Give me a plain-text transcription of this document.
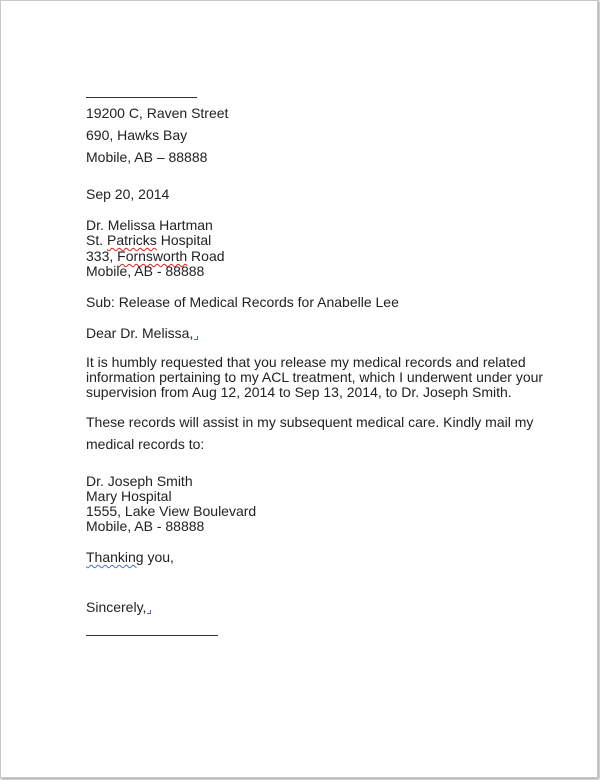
19200 C, Raven Street
690, Hawks Bay
Mobile, AB – 88888
Sep 20, 2014
Dr. Melissa Hartman
St. Patricks Hospital
333, Fornsworth Road
Mobile, AB - 88888
Sub: Release of Medical Records for Anabelle Lee
Dear Dr. Melissa,
It is humbly requested that you release my medical records and related
information pertaining to my ACL treatment, which I underwent under your
supervision from Aug 12, 2014 to Sep 13, 2014, to Dr. Joseph Smith.
These records will assist in my subsequent medical care. Kindly mail my
medical records to:
Dr. Joseph Smith
Mary Hospital
1555, Lake View Boulevard
Mobile, AB - 88888
Thanking you,
Sincerely,
